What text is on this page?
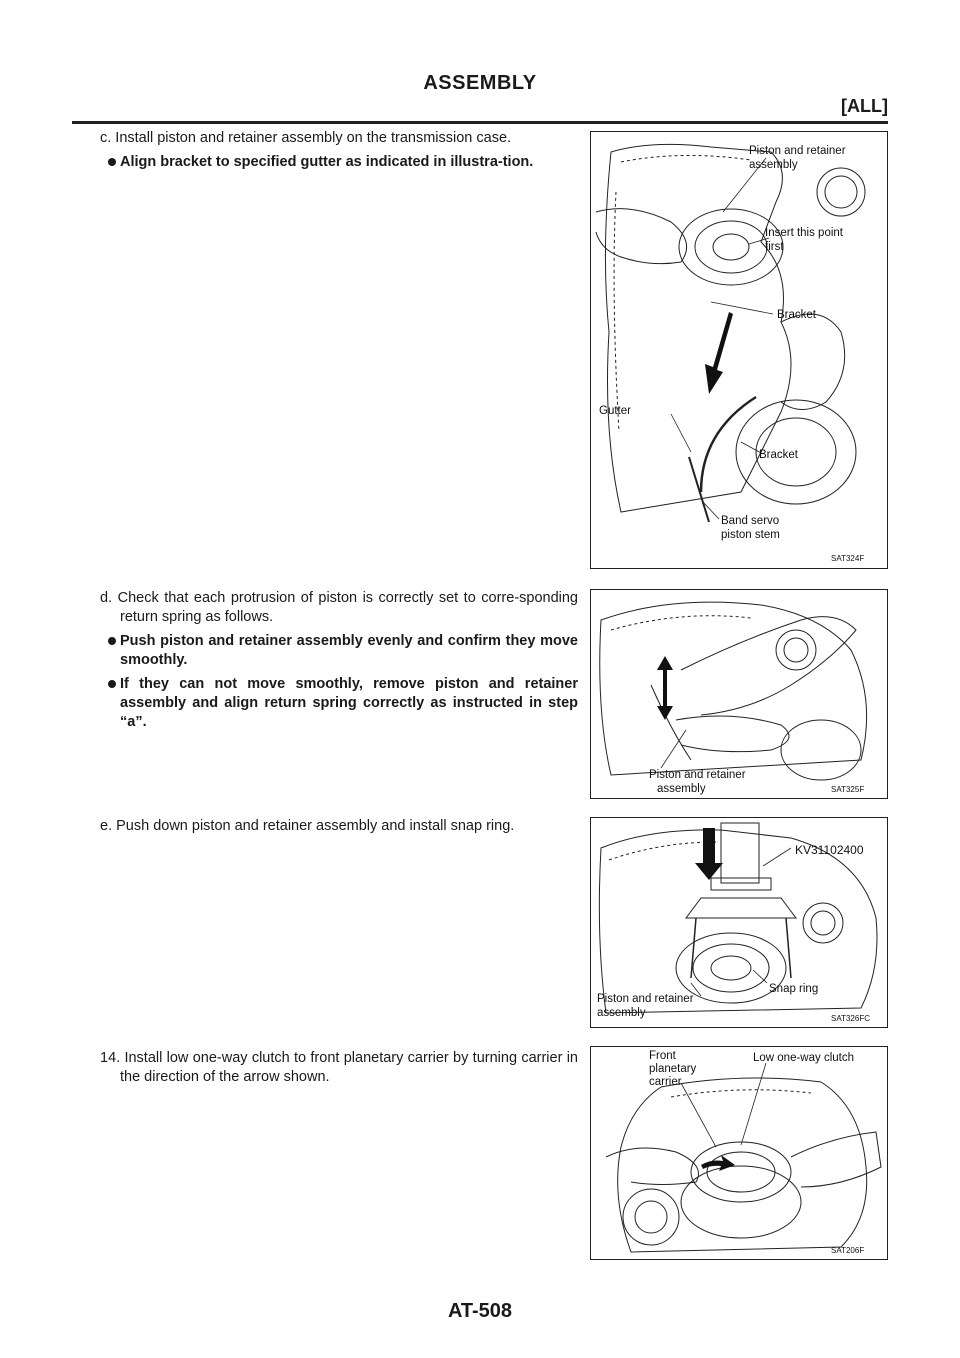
ASSEMBLY
[ALL]
c. Install piston and retainer assembly on the transmission case.
Align bracket to specified gutter as indicated in illustra-tion.
d. Check that each protrusion of piston is correctly set to corre-sponding return spring as follows.
Push piston and retainer assembly evenly and confirm they move smoothly.
If they can not move smoothly, remove piston and retainer assembly and align return spring correctly as instructed in step “a”.
e. Push down piston and retainer assembly and install snap ring.
14. Install low one-way clutch to front planetary carrier by turning carrier in the direction of the arrow shown.
Piston and retainer
assembly
Insert this point
first
Bracket
Gutter
Bracket
Band servo
piston stem
SAT324F
Piston and retainer
assembly	SAT325F
KV31102400
Snap ring
Piston and retainer
assembly	SAT326FC
Front
planetary
carrier
Low one-way clutch
SAT206F
AT-508
